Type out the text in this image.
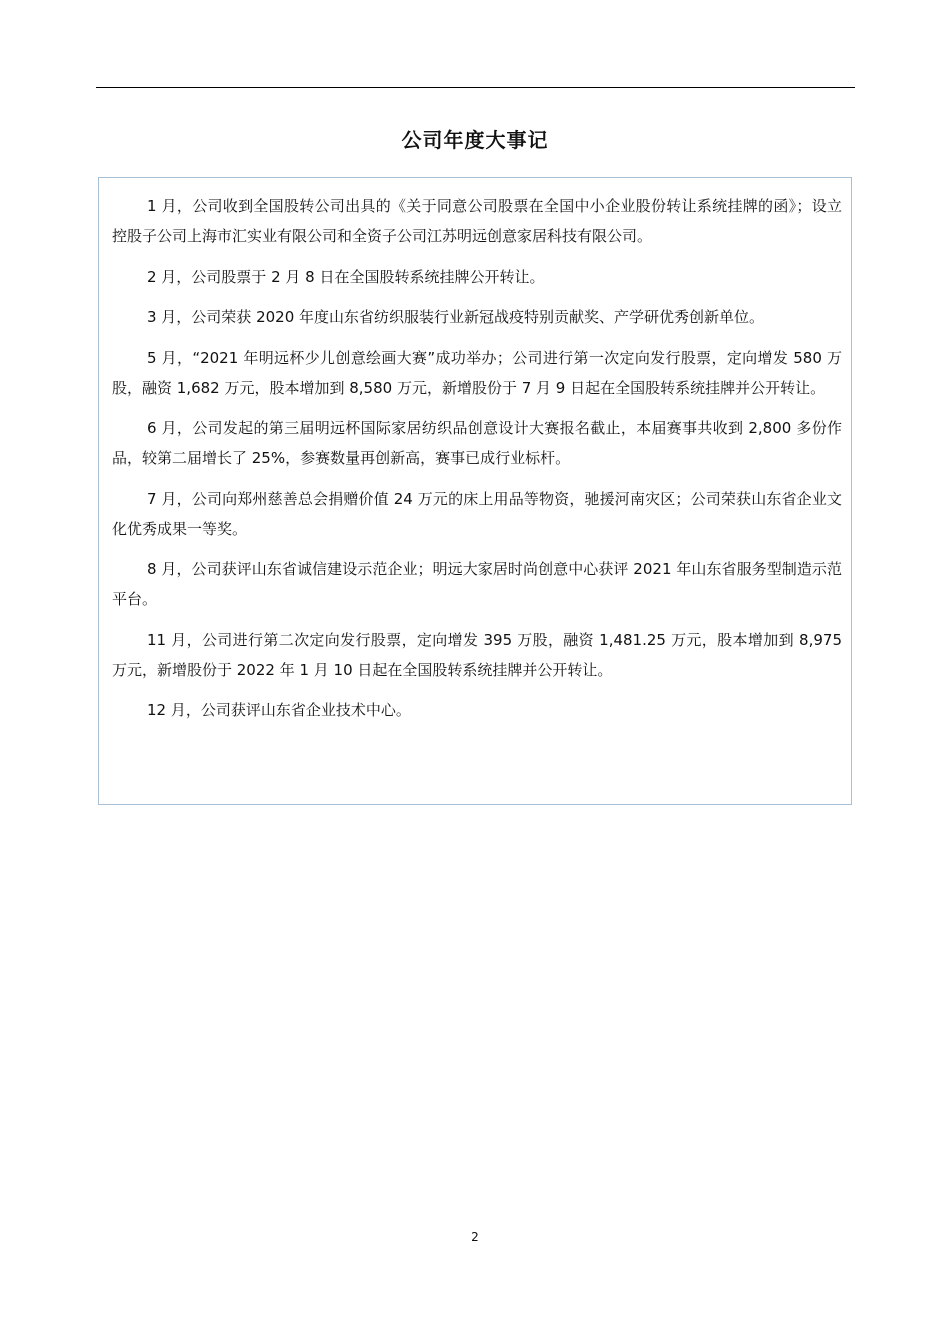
公司年度大事记

1 月，公司收到全国股转公司出具的《关于同意公司股票在全国中小企业股份转让系统挂牌的函》；设立控股子公司上海市汇实业有限公司和全资子公司江苏明远创意家居科技有限公司。

2 月，公司股票于 2 月 8 日在全国股转系统挂牌公开转让。

3 月，公司荣获 2020 年度山东省纺织服装行业新冠战疫特别贡献奖、产学研优秀创新单位。

5 月，“2021 年明远杯少儿创意绘画大赛”成功举办；公司进行第一次定向发行股票，定向增发 580 万股，融资 1,682 万元，股本增加到 8,580 万元，新增股份于 7 月 9 日起在全国股转系统挂牌并公开转让。

6 月，公司发起的第三届明远杯国际家居纺织品创意设计大赛报名截止，本届赛事共收到 2,800 多份作品，较第二届增长了 25%，参赛数量再创新高，赛事已成行业标杆。

7 月，公司向郑州慈善总会捐赠价值 24 万元的床上用品等物资，驰援河南灾区；公司荣获山东省企业文化优秀成果一等奖。

8 月，公司获评山东省诚信建设示范企业；明远大家居时尚创意中心获评 2021 年山东省服务型制造示范平台。

11 月，公司进行第二次定向发行股票，定向增发 395 万股，融资 1,481.25 万元，股本增加到 8,975 万元，新增股份于 2022 年 1 月 10 日起在全国股转系统挂牌并公开转让。

12 月，公司获评山东省企业技术中心。

2
